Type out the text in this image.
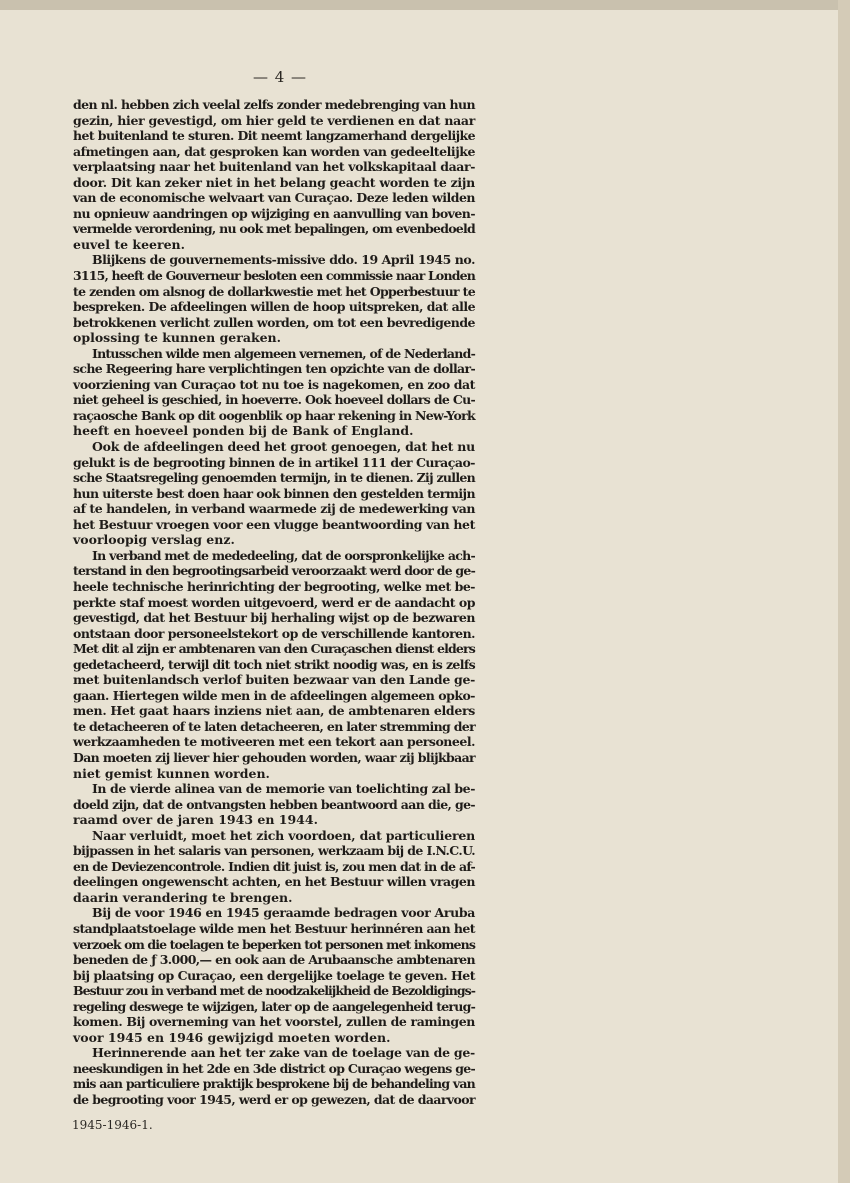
— 4 —
den nl. hebben zich veelal zelfs zonder medebrenging van hun
gezin, hier gevestigd, om hier geld te verdienen en dat naar
het buitenland te sturen. Dit neemt langzamerhand dergelijke
afmetingen aan, dat gesproken kan worden van gedeeltelijke
verplaatsing naar het buitenland van het volkskapitaal daar-
door. Dit kan zeker niet in het belang geacht worden te zijn
van de economische welvaart van Curaçao. Deze leden wilden
nu opnieuw aandringen op wijziging en aanvulling van boven-
vermelde verordening, nu ook met bepalingen, om evenbedoeld
euvel te keeren.
Blijkens de gouvernements-missive ddo. 19 April 1945 no.
3115, heeft de Gouverneur besloten een commissie naar Londen
te zenden om alsnog de dollarkwestie met het Opperbestuur te
bespreken. De afdeelingen willen de hoop uitspreken, dat alle
betrokkenen verlicht zullen worden, om tot een bevredigende
oplossing te kunnen geraken.
Intusschen wilde men algemeen vernemen, of de Nederland-
sche Regeering hare verplichtingen ten opzichte van de dollar-
voorziening van Curaçao tot nu toe is nagekomen, en zoo dat
niet geheel is geschied, in hoeverre. Ook hoeveel dollars de Cu-
raçaosche Bank op dit oogenblik op haar rekening in New-York
heeft en hoeveel ponden bij de Bank of England.
Ook de afdeelingen deed het groot genoegen, dat het nu
gelukt is de begrooting binnen de in artikel 111 der Curaçao-
sche Staatsregeling genoemden termijn, in te dienen. Zij zullen
hun uiterste best doen haar ook binnen den gestelden termijn
af te handelen, in verband waarmede zij de medewerking van
het Bestuur vroegen voor een vlugge beantwoording van het
voorloopig verslag enz.
In verband met de mededeeling, dat de oorspronkelijke ach-
terstand in den begrootingsarbeid veroorzaakt werd door de ge-
heele technische herinrichting der begrooting, welke met be-
perkte staf moest worden uitgevoerd, werd er de aandacht op
gevestigd, dat het Bestuur bij herhaling wijst op de bezwaren
ontstaan door personeelstekort op de verschillende kantoren.
Met dit al zijn er ambtenaren van den Curaçaschen dienst elders
gedetacheerd, terwijl dit toch niet strikt noodig was, en is zelfs
met buitenlandsch verlof buiten bezwaar van den Lande ge-
gaan. Hiertegen wilde men in de afdeelingen algemeen opko-
men. Het gaat haars inziens niet aan, de ambtenaren elders
te detacheeren of te laten detacheeren, en later stremming der
werkzaamheden te motiveeren met een tekort aan personeel.
Dan moeten zij liever hier gehouden worden, waar zij blijkbaar
niet gemist kunnen worden.
In de vierde alinea van de memorie van toelichting zal be-
doeld zijn, dat de ontvangsten hebben beantwoord aan die, ge-
raamd over de jaren 1943 en 1944.
Naar verluidt, moet het zich voordoen, dat particulieren
bijpassen in het salaris van personen, werkzaam bij de I.N.C.U.
en de Deviezencontrole. Indien dit juist is, zou men dat in de af-
deelingen ongewenscht achten, en het Bestuur willen vragen
daarin verandering te brengen.
Bij de voor 1946 en 1945 geraamde bedragen voor Aruba
standplaatstoelage wilde men het Bestuur herinnéren aan het
verzoek om die toelagen te beperken tot personen met inkomens
beneden de ƒ 3.000,— en ook aan de Arubaansche ambtenaren
bij plaatsing op Curaçao, een dergelijke toelage te geven. Het
Bestuur zou in verband met de noodzakelijkheid de Bezoldigings-
regeling deswege te wijzigen, later op de aangelegenheid terug-
komen. Bij overneming van het voorstel, zullen de ramingen
voor 1945 en 1946 gewijzigd moeten worden.
Herinnerende aan het ter zake van de toelage van de ge-
neeskundigen in het 2de en 3de district op Curaçao wegens ge-
mis aan particuliere praktijk besprokene bij de behandeling van
de begrooting voor 1945, werd er op gewezen, dat de daarvoor
1945-1946-1.
